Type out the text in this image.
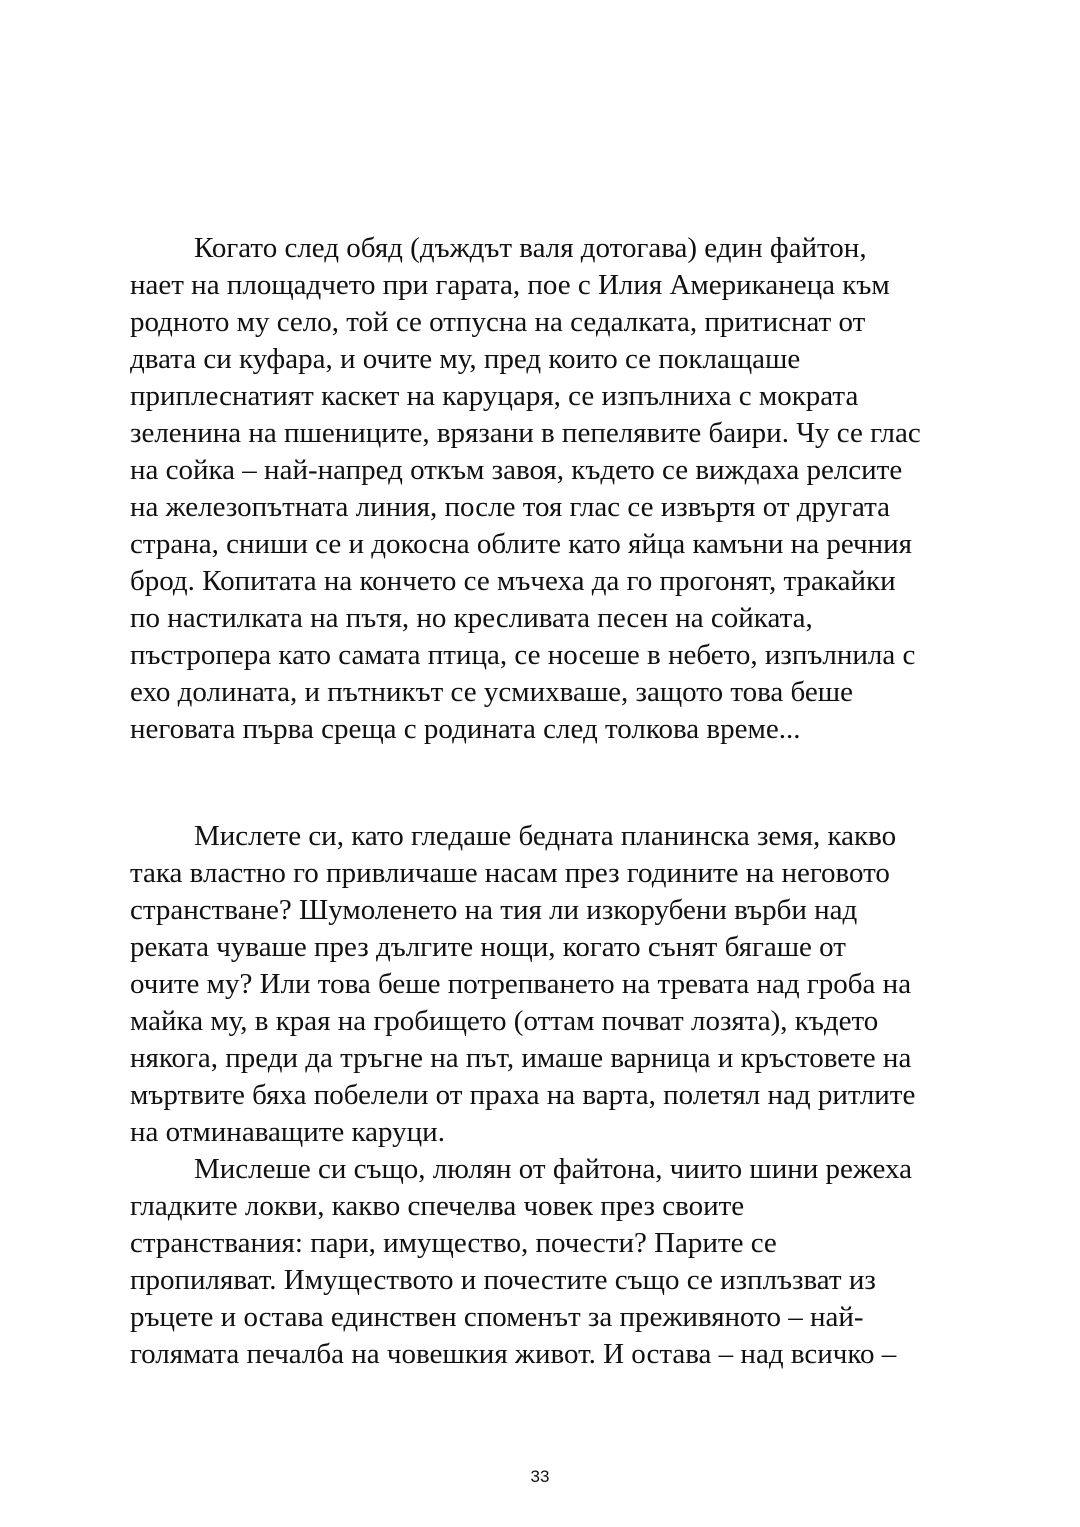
Когато след обяд (дъждът валя дотогава) един файтон,
нает на площадчето при гарата, пое с Илия Американеца към
родното му село, той се отпусна на седалката, притиснат от
двата си куфара, и очите му, пред които се поклащаше
приплеснатият каскет на каруцаря, се изпълниха с мократа
зеленина на пшениците, врязани в пепелявите баири. Чу се глас
на сойка – най-напред откъм завоя, където се виждаха релсите
на железопътната линия, после тоя глас се извъртя от другата
страна, сниши се и докосна облите като яйца камъни на речния
брод. Копитата на кончето се мъчеха да го прогонят, тракайки
по настилката на пътя, но кресливата песен на сойката,
пъстропера като самата птица, се носеше в небето, изпълнила с
ехо долината, и пътникът се усмихваше, защото това беше
неговата първа среща с родината след толкова време...
Мислете си, като гледаше бедната планинска земя, какво
така властно го привличаше насам през годините на неговото
странстване? Шумоленето на тия ли изкорубени върби над
реката чуваше през дългите нощи, когато сънят бягаше от
очите му? Или това беше потрепването на тревата над гроба на
майка му, в края на гробището (оттам почват лозята), където
някога, преди да тръгне на път, имаше варница и кръстовете на
мъртвите бяха побелели от праха на варта, полетял над ритлите
на отминаващите каруци.
Мислеше си също, люлян от файтона, чиито шини режеха
гладките локви, какво спечелва човек през своите
странствания: пари, имущество, почести? Парите се
пропиляват. Имуществото и почестите също се изплъзват из
ръцете и остава единствен споменът за преживяното – най-
голямата печалба на човешкия живот. И остава – над всичко –
33
